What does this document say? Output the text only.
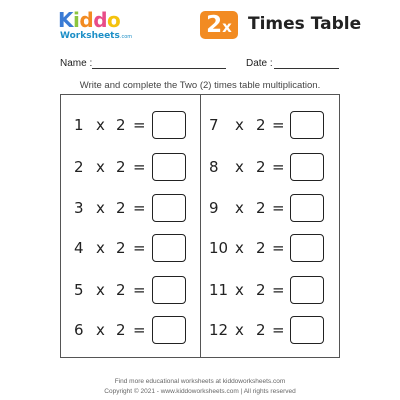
Kiddo
Worksheets.com	2x Times Table
Name :	Date :
Write and complete the Two (2) times table multiplication.
1 x 2 =
2 x 2 =
3 x 2 =
4 x 2 =
5 x 2 =
6 x 2 =
7 x 2 =
8 x 2 =
9 x 2 =
10 x 2 =
11 x 2 =
12 x 2 =
Find more educational worksheets at kiddoworksheets.com
Copyright © 2021 - www.kiddoworksheets.com | All rights reserved
